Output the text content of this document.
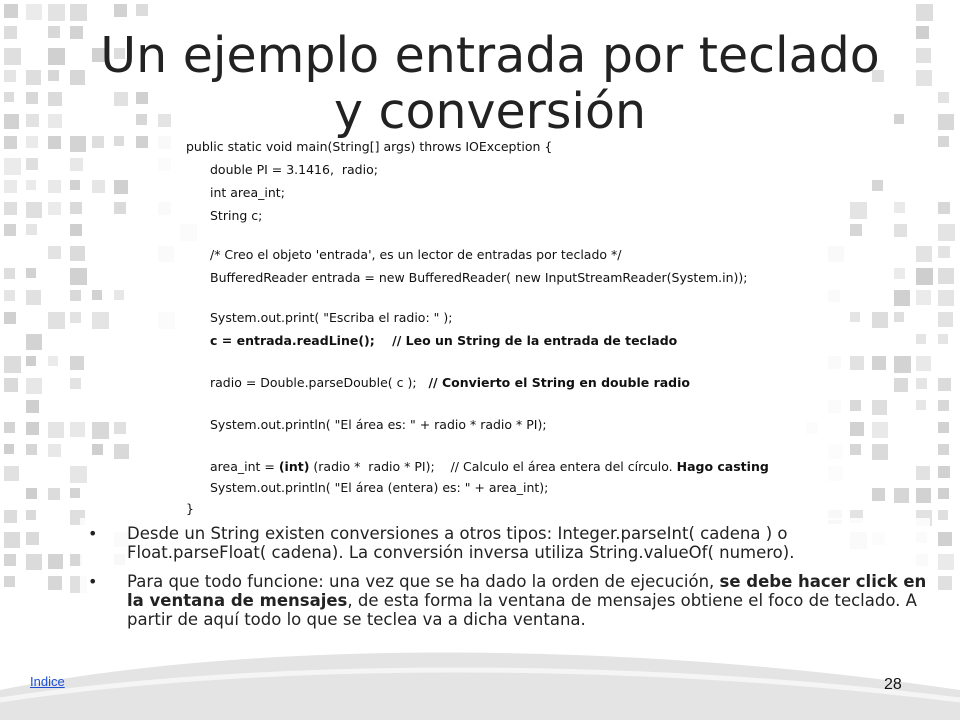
Un ejemplo entrada por teclado y conversión
public static void main(String[] args) throws IOException {
double PI = 3.1416,  radio;
int area_int;
String c;
/* Creo el objeto 'entrada', es un lector de entradas por teclado */
BufferedReader entrada = new BufferedReader( new InputStreamReader(System.in));
System.out.print( "Escriba el radio: " );
c = entrada.readLine();    // Leo un String de la entrada de teclado
radio = Double.parseDouble( c );   // Convierto el String en double radio
System.out.println( "El área es: " + radio * radio * PI);
area_int = (int) (radio *  radio * PI);    // Calculo el área entera del círculo. Hago casting
System.out.println( "El área (entera) es: " + area_int);
}
• Desde un String existen conversiones a otros tipos: Integer.parseInt( cadena ) o Float.parseFloat( cadena). La conversión inversa utiliza String.valueOf( numero).
• Para que todo funcione: una vez que se ha dado la orden de ejecución, se debe hacer click en la ventana de mensajes, de esta forma la ventana de mensajes obtiene el foco de teclado. A partir de aquí todo lo que se teclea va a dicha ventana.
Indice	28
